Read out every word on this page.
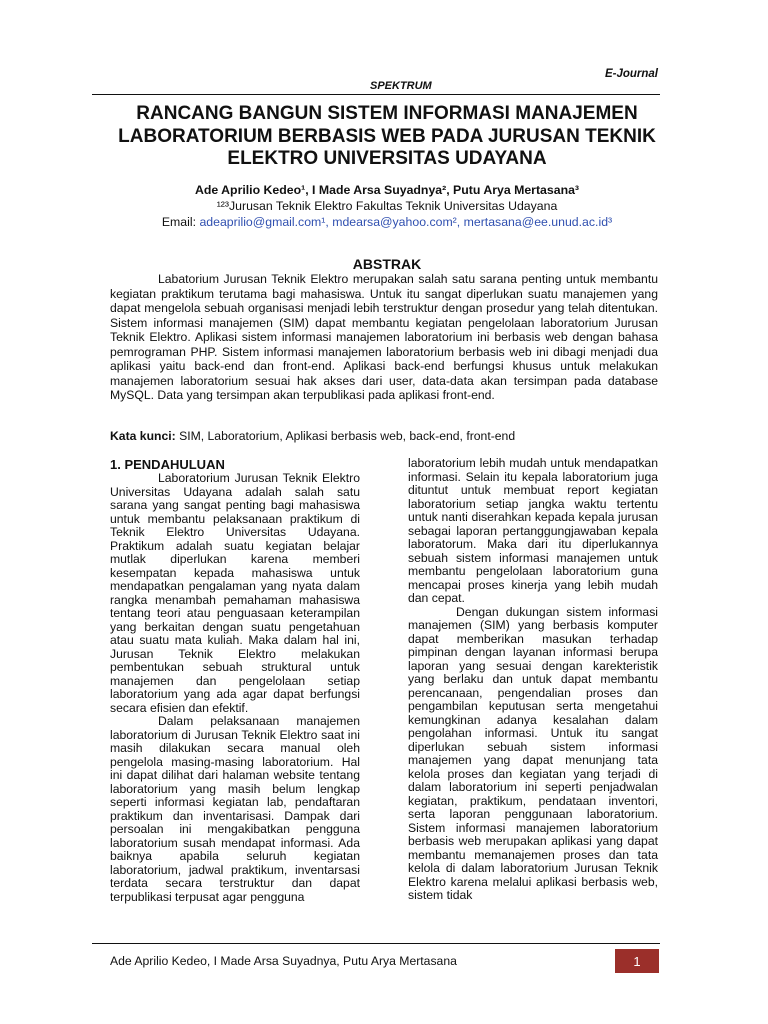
E-Journal
SPEKTRUM
RANCANG BANGUN SISTEM INFORMASI MANAJEMEN LABORATORIUM BERBASIS WEB PADA JURUSAN TEKNIK ELEKTRO UNIVERSITAS UDAYANA
Ade Aprilio Kedeo¹, I Made Arsa Suyadnya², Putu Arya Mertasana³
¹²³Jurusan Teknik Elektro Fakultas Teknik Universitas Udayana
Email: adeaprilio@gmail.com¹, mdearsa@yahoo.com², mertasana@ee.unud.ac.id³
ABSTRAK

Labatorium Jurusan Teknik Elektro merupakan salah satu sarana penting untuk membantu kegiatan praktikum terutama bagi mahasiswa. Untuk itu sangat diperlukan suatu manajemen yang dapat mengelola sebuah organisasi menjadi lebih terstruktur dengan prosedur yang telah ditentukan. Sistem informasi manajemen (SIM) dapat membantu kegiatan pengelolaan laboratorium Jurusan Teknik Elektro. Aplikasi sistem informasi manajemen laboratorium ini berbasis web dengan bahasa pemrograman PHP. Sistem informasi manajemen laboratorium berbasis web ini dibagi menjadi dua aplikasi yaitu back-end dan front-end. Aplikasi back-end berfungsi khusus untuk melakukan manajemen laboratorium sesuai hak akses dari user, data-data akan tersimpan pada database MySQL. Data yang tersimpan akan terpublikasi pada aplikasi front-end.

Kata kunci: SIM, Laboratorium, Aplikasi berbasis web, back-end, front-end
1. PENDAHULUAN

Laboratorium Jurusan Teknik Elektro Universitas Udayana adalah salah satu sarana yang sangat penting bagi mahasiswa untuk membantu pelaksanaan praktikum di Teknik Elektro Universitas Udayana. Praktikum adalah suatu kegiatan belajar mutlak diperlukan karena memberi kesempatan kepada mahasiswa untuk mendapatkan pengalaman yang nyata dalam rangka menambah pemahaman mahasiswa tentang teori atau penguasaan keterampilan yang berkaitan dengan suatu pengetahuan atau suatu mata kuliah. Maka dalam hal ini, Jurusan Teknik Elektro melakukan pembentukan sebuah struktural untuk manajemen dan pengelolaan setiap laboratorium yang ada agar dapat berfungsi secara efisien dan efektif.

Dalam pelaksanaan manajemen laboratorium di Jurusan Teknik Elektro saat ini masih dilakukan secara manual oleh pengelola masing-masing laboratorium. Hal ini dapat dilihat dari halaman website tentang laboratorium yang masih belum lengkap seperti informasi kegiatan lab, pendaftaran praktikum dan inventarisasi. Dampak dari persoalan ini mengakibatkan pengguna laboratorium susah mendapat informasi. Ada baiknya apabila seluruh kegiatan laboratorium, jadwal praktikum, inventarsasi terdata secara terstruktur dan dapat terpublikasi terpusat agar pengguna

laboratorium lebih mudah untuk mendapatkan informasi. Selain itu kepala laboratorium juga dituntut untuk membuat report kegiatan laboratorium setiap jangka waktu tertentu untuk nanti diserahkan kepada kepala jurusan sebagai laporan pertanggungjawaban kepala laboratorum. Maka dari itu diperlukannya sebuah sistem informasi manajemen untuk membantu pengelolaan laboratorium guna mencapai proses kinerja yang lebih mudah dan cepat.

Dengan dukungan sistem informasi manajemen (SIM) yang berbasis komputer dapat memberikan masukan terhadap pimpinan dengan layanan informasi berupa laporan yang sesuai dengan karekteristik yang berlaku dan untuk dapat membantu perencanaan, pengendalian proses dan pengambilan keputusan serta mengetahui kemungkinan adanya kesalahan dalam pengolahan informasi. Untuk itu sangat diperlukan sebuah sistem informasi manajemen yang dapat menunjang tata kelola proses dan kegiatan yang terjadi di dalam laboratorium ini seperti penjadwalan kegiatan, praktikum, pendataan inventori, serta laporan penggunaan laboratorium. Sistem informasi manajemen laboratorium berbasis web merupakan aplikasi yang dapat membantu memanajemen proses dan tata kelola di dalam laboratorium Jurusan Teknik Elektro karena melalui aplikasi berbasis web, sistem tidak

Ade Aprilio Kedeo, I Made Arsa Suyadnya, Putu Arya Mertasana	1
